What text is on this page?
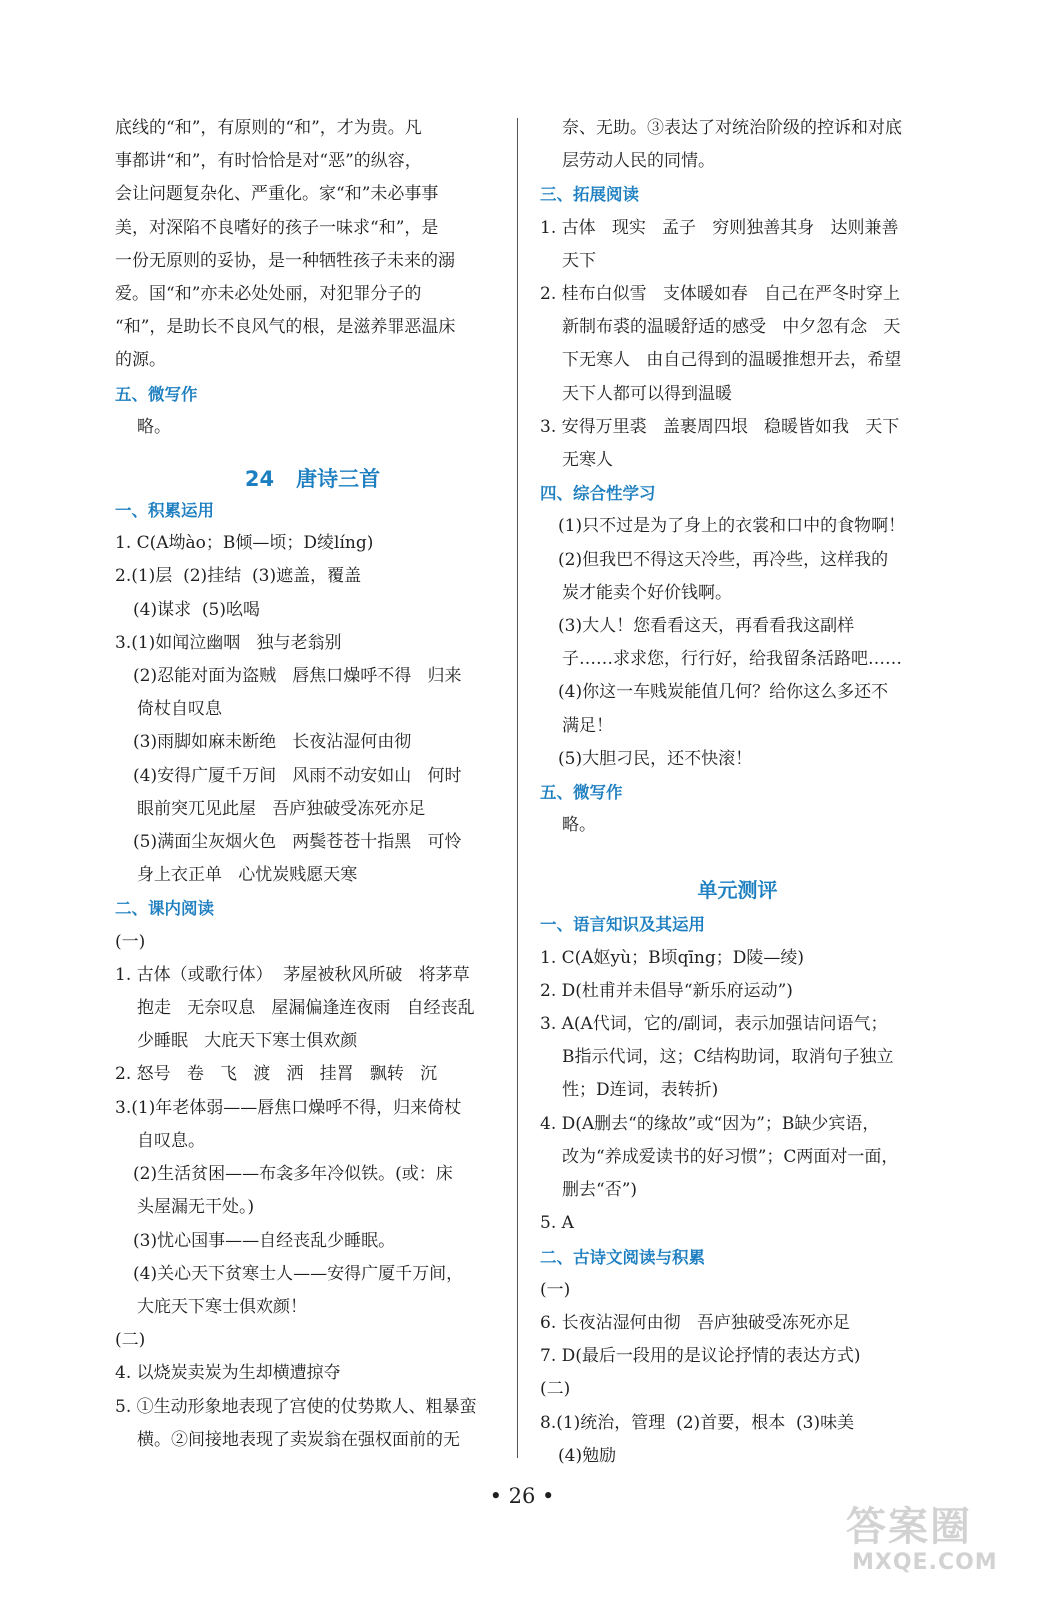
底线的“和”，有原则的“和”，才为贵。凡
事都讲“和”，有时恰恰是对“恶”的纵容，
会让问题复杂化、严重化。家“和”未必事事
美，对深陷不良嗜好的孩子一味求“和”，是
一份无原则的妥协，是一种牺牲孩子未来的溺
爱。国“和”亦未必处处丽，对犯罪分子的
“和”，是助长不良风气的根，是滋养罪恶温床
的源。
五、微写作
略。
24   唐诗三首
一、积累运用
1. C(A坳ào；B倾—顷；D绫líng)
2.(1)层  (2)挂结  (3)遮盖，覆盖
(4)谋求  (5)吆喝
3.(1)如闻泣幽咽   独与老翁别
(2)忍能对面为盗贼   唇焦口燥呼不得   归来
倚杖自叹息
(3)雨脚如麻未断绝   长夜沾湿何由彻
(4)安得广厦千万间   风雨不动安如山   何时
眼前突兀见此屋   吾庐独破受冻死亦足
(5)满面尘灰烟火色   两鬓苍苍十指黑   可怜
身上衣正单   心忧炭贱愿天寒
二、课内阅读
(一)
1. 古体（或歌行体）  茅屋被秋风所破   将茅草
抱走   无奈叹息   屋漏偏逢连夜雨   自经丧乱
少睡眠   大庇天下寒士俱欢颜
2. 怒号   卷   飞   渡   洒   挂罥   飘转   沉
3.(1)年老体弱——唇焦口燥呼不得，归来倚杖
自叹息。
(2)生活贫困——布衾多年冷似铁。(或：床
头屋漏无干处。)
(3)忧心国事——自经丧乱少睡眠。
(4)关心天下贫寒士人——安得广厦千万间，
大庇天下寒士俱欢颜！
(二)
4. 以烧炭卖炭为生却横遭掠夺
5. ①生动形象地表现了宫使的仗势欺人、粗暴蛮
横。②间接地表现了卖炭翁在强权面前的无
奈、无助。③表达了对统治阶级的控诉和对底
层劳动人民的同情。
三、拓展阅读
1. 古体   现实   孟子   穷则独善其身   达则兼善
天下
2. 桂布白似雪   支体暖如春   自己在严冬时穿上
新制布裘的温暖舒适的感受   中夕忽有念   天
下无寒人   由自己得到的温暖推想开去，希望
天下人都可以得到温暖
3. 安得万里裘   盖裹周四垠   稳暖皆如我   天下
无寒人
四、综合性学习
(1)只不过是为了身上的衣裳和口中的食物啊！
(2)但我巴不得这天冷些，再冷些，这样我的
炭才能卖个好价钱啊。
(3)大人！您看看这天，再看看我这副样
子……求求您，行行好，给我留条活路吧……
(4)你这一车贱炭能值几何？给你这么多还不
满足！
(5)大胆刁民，还不快滚！
五、微写作
略。
单元测评
一、语言知识及其运用
1. C(A妪yù；B顷qīng；D陵—绫)
2. D(杜甫并未倡导“新乐府运动”)
3. A(A代词，它的/副词，表示加强诘问语气；
B指示代词，这；C结构助词，取消句子独立
性；D连词，表转折)
4. D(A删去“的缘故”或“因为”；B缺少宾语，
改为“养成爱读书的好习惯”；C两面对一面，
删去“否”)
5. A
二、古诗文阅读与积累
(一)
6. 长夜沾湿何由彻   吾庐独破受冻死亦足
7. D(最后一段用的是议论抒情的表达方式)
(二)
8.(1)统治，管理  (2)首要，根本  (3)味美
(4)勉励
• 26 •
答案圈
MXQE.COM
